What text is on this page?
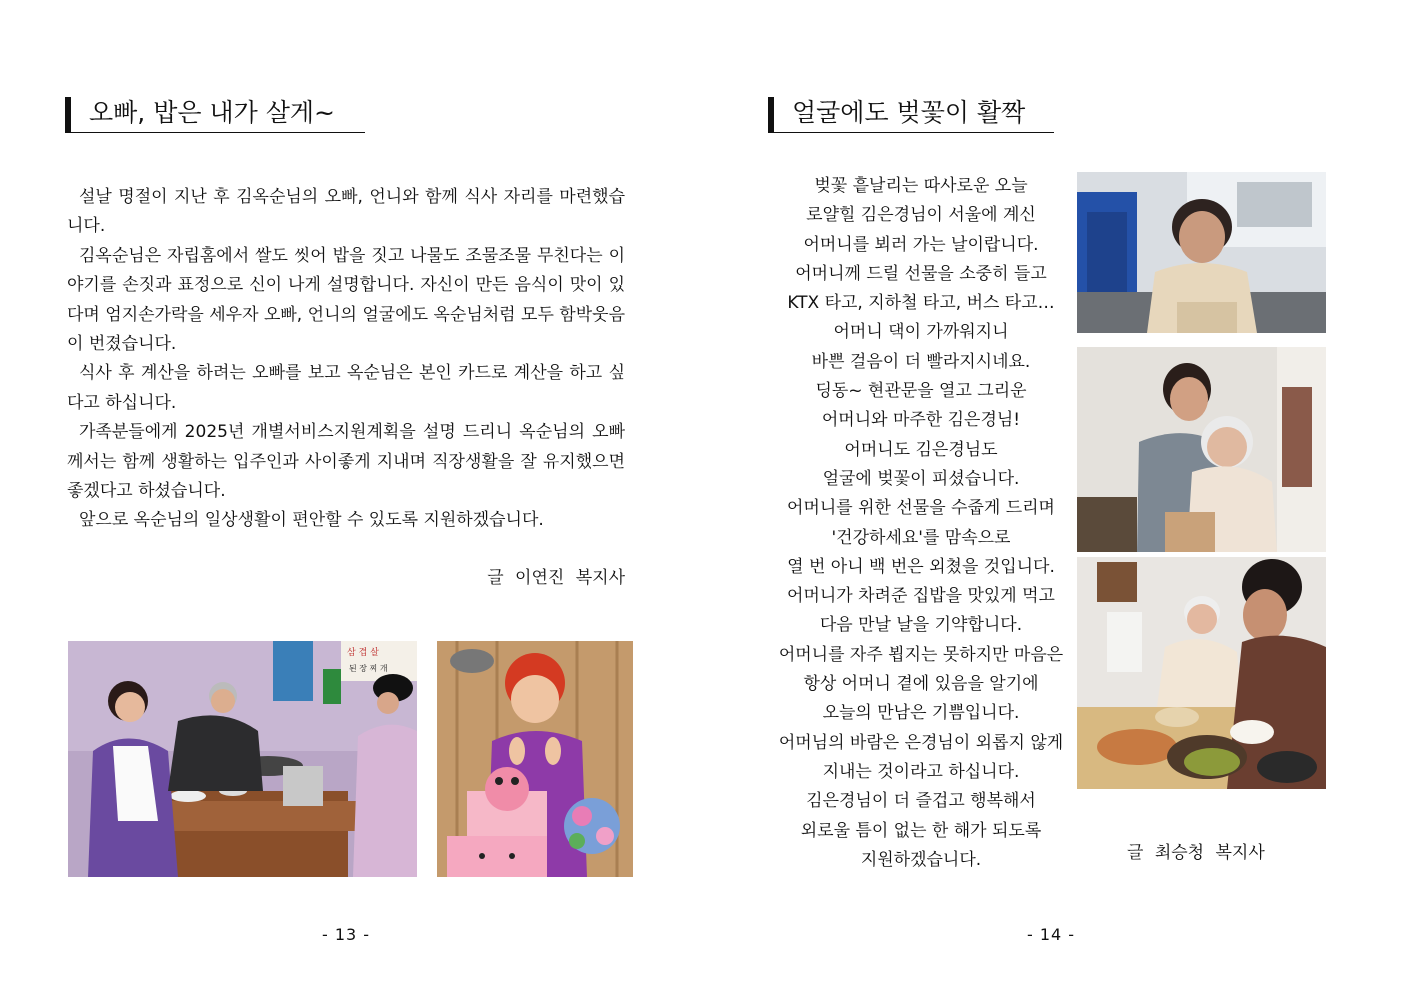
오빠, 밥은 내가 살게~

설날 명절이 지난 후 김옥순님의 오빠, 언니와 함께 식사 자리를 마련했습니다.

김옥순님은 자립홈에서 쌀도 씻어 밥을 짓고 나물도 조물조물 무친다는 이야기를 손짓과 표정으로 신이 나게 설명합니다. 자신이 만든 음식이 맛이 있다며 엄지손가락을 세우자 오빠, 언니의 얼굴에도 옥순님처럼 모두 함박웃음이 번졌습니다.

식사 후 계산을 하려는 오빠를 보고 옥순님은 본인 카드로 계산을 하고 싶다고 하십니다.

가족분들에게 2025년 개별서비스지원계획을 설명 드리니 옥순님의 오빠께서는 함께 생활하는 입주인과 사이좋게 지내며 직장생활을 잘 유지했으면 좋겠다고 하셨습니다.

앞으로 옥순님의 일상생활이 편안할 수 있도록 지원하겠습니다.

글 이연진 복지사
삼 겹 살
된 장 찌 개
- 13 -
얼굴에도 벚꽃이 활짝
벚꽃 흩날리는 따사로운 오늘
로얄힐 김은경님이 서울에 계신
어머니를 뵈러 가는 날이랍니다.
어머니께 드릴 선물을 소중히 들고
KTX 타고, 지하철 타고, 버스 타고…
어머니 댁이 가까워지니
바쁜 걸음이 더 빨라지시네요.
딩동~ 현관문을 열고 그리운
어머니와 마주한 김은경님!
어머니도 김은경님도
얼굴에 벚꽃이 피셨습니다.
어머니를 위한 선물을 수줍게 드리며
'건강하세요'를 맘속으로
열 번 아니 백 번은 외쳤을 것입니다.
어머니가 차려준 집밥을 맛있게 먹고
다음 만날 날을 기약합니다.
어머니를 자주 뵙지는 못하지만 마음은
항상 어머니 곁에 있음을 알기에
오늘의 만남은 기쁨입니다.
어머님의 바람은 은경님이 외롭지 않게
지내는 것이라고 하십니다.
김은경님이 더 즐겁고 행복해서
외로울 틈이 없는 한 해가 되도록
지원하겠습니다.	글 최승청 복지사
- 14 -
